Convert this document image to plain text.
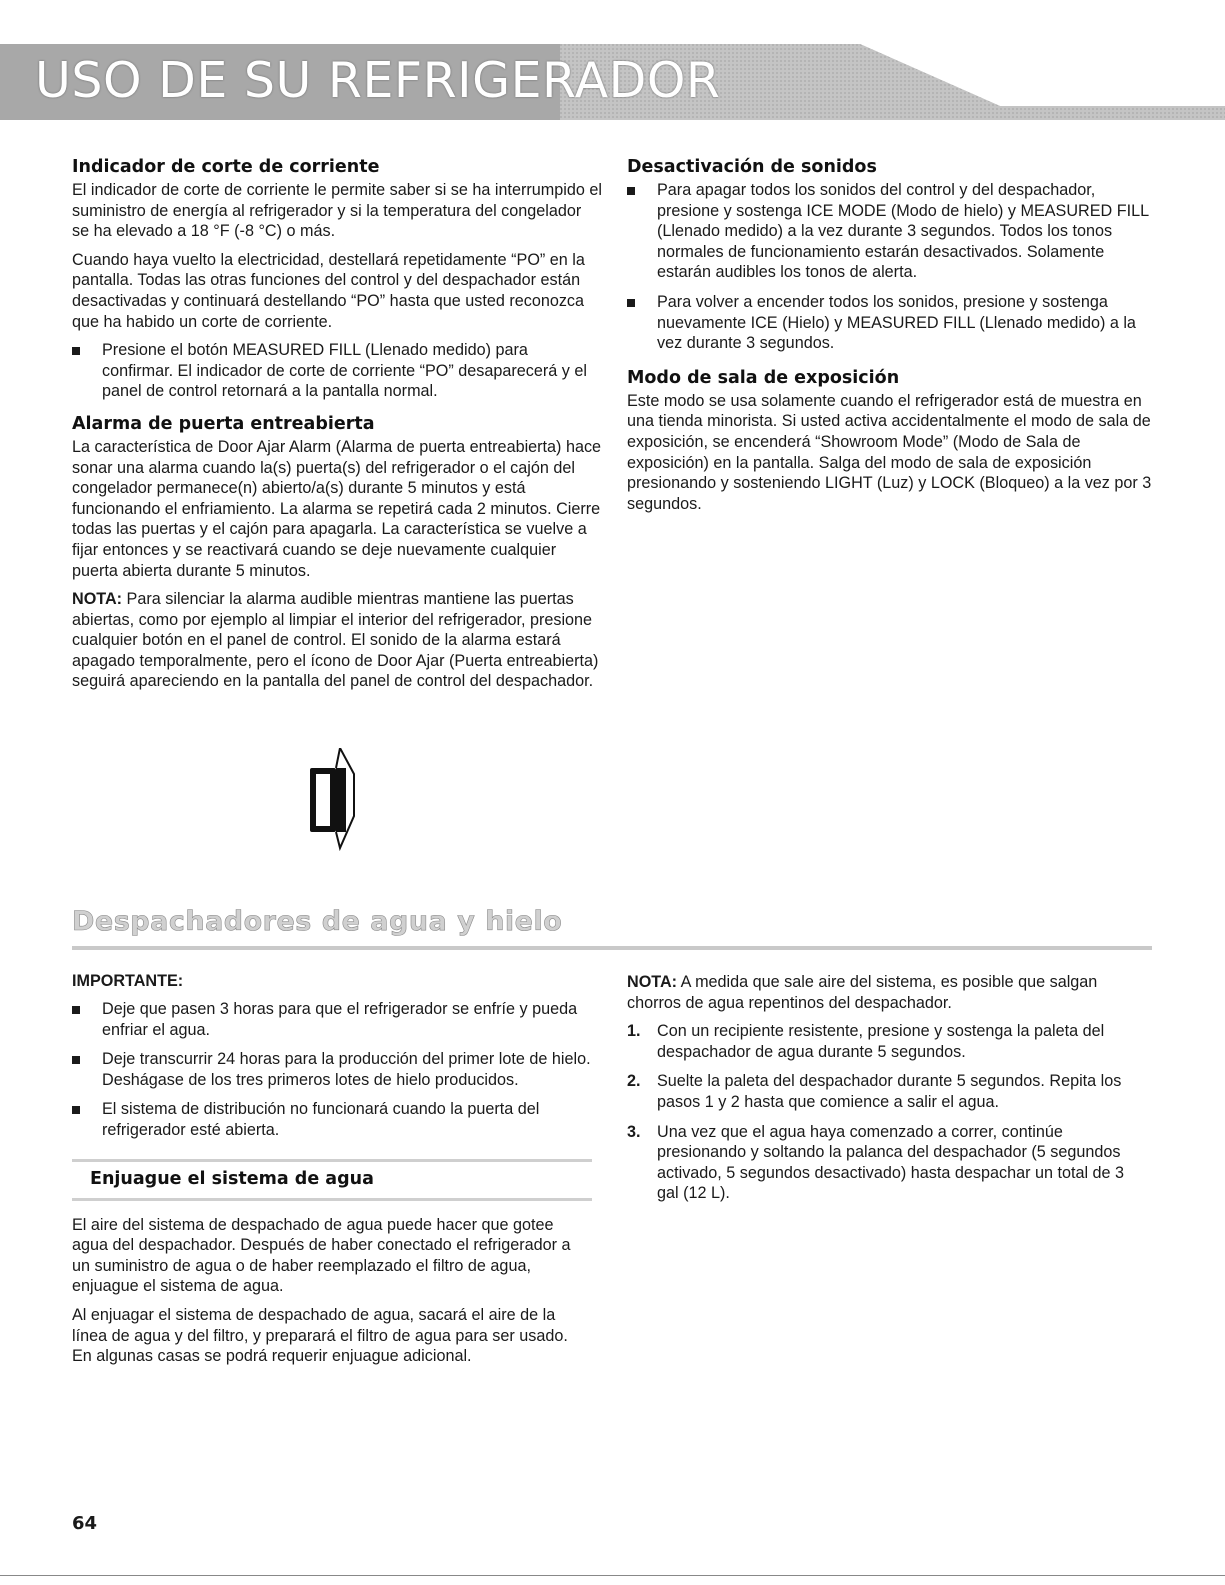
USO DE SU REFRIGERADOR
Indicador de corte de corriente

El indicador de corte de corriente le permite saber si se ha interrumpido el suministro de energía al refrigerador y si la temperatura del congelador se ha elevado a 18 °F (-8 °C) o más.

Cuando haya vuelto la electricidad, destellará repetidamente “PO” en la pantalla. Todas las otras funciones del control y del despachador están desactivadas y continuará destellando “PO” hasta que usted reconozca que ha habido un corte de corriente.

Presione el botón MEASURED FILL (Llenado medido) para confirmar. El indicador de corte de corriente “PO” desaparecerá y el panel de control retornará a la pantalla normal.
Alarma de puerta entreabierta

La característica de Door Ajar Alarm (Alarma de puerta entreabierta) hace sonar una alarma cuando la(s) puerta(s) del refrigerador o el cajón del congelador permanece(n) abierto/a(s) durante 5 minutos y está funcionando el enfriamiento. La alarma se repetirá cada 2 minutos. Cierre todas las puertas y el cajón para apagarla. La característica se vuelve a fijar entonces y se reactivará cuando se deje nuevamente cualquier puerta abierta durante 5 minutos.

NOTA: Para silenciar la alarma audible mientras mantiene las puertas abiertas, como por ejemplo al limpiar el interior del refrigerador, presione cualquier botón en el panel de control. El sonido de la alarma estará apagado temporalmente, pero el ícono de Door Ajar (Puerta entreabierta) seguirá apareciendo en la pantalla del panel de control del despachador.

Desactivación de sonidos
Para apagar todos los sonidos del control y del despachador, presione y sostenga ICE MODE (Modo de hielo) y MEASURED FILL (Llenado medido) a la vez durante 3 segundos. Todos los tonos normales de funcionamiento estarán desactivados. Solamente estarán audibles los tonos de alerta.
Para volver a encender todos los sonidos, presione y sostenga nuevamente ICE (Hielo) y MEASURED FILL (Llenado medido) a la vez durante 3 segundos.
Modo de sala de exposición

Este modo se usa solamente cuando el refrigerador está de muestra en una tienda minorista. Si usted activa accidentalmente el modo de sala de exposición, se encenderá “Showroom Mode” (Modo de Sala de exposición) en la pantalla. Salga del modo de sala de exposición presionando y sosteniendo LIGHT (Luz) y LOCK (Bloqueo) a la vez por 3 segundos.

Despachadores de agua y hielo
IMPORTANTE:
Deje que pasen 3 horas para que el refrigerador se enfríe y pueda enfriar el agua.
Deje transcurrir 24 horas para la producción del primer lote de hielo. Deshágase de los tres primeros lotes de hielo producidos.
El sistema de distribución no funcionará cuando la puerta del refrigerador esté abierta.
Enjuague el sistema de agua

El aire del sistema de despachado de agua puede hacer que gotee agua del despachador. Después de haber conectado el refrigerador a un suministro de agua o de haber reemplazado el filtro de agua, enjuague el sistema de agua.

Al enjuagar el sistema de despachado de agua, sacará el aire de la línea de agua y del filtro, y preparará el filtro de agua para ser usado. En algunas casas se podrá requerir enjuague adicional.

NOTA: A medida que sale aire del sistema, es posible que salgan chorros de agua repentinos del despachador.

1. Con un recipiente resistente, presione y sostenga la paleta del despachador de agua durante 5 segundos.
2. Suelte la paleta del despachador durante 5 segundos. Repita los pasos 1 y 2 hasta que comience a salir el agua.
3. Una vez que el agua haya comenzado a correr, continúe presionando y soltando la palanca del despachador (5 segundos activado, 5 segundos desactivado) hasta despachar un total de 3 gal (12 L).
64
